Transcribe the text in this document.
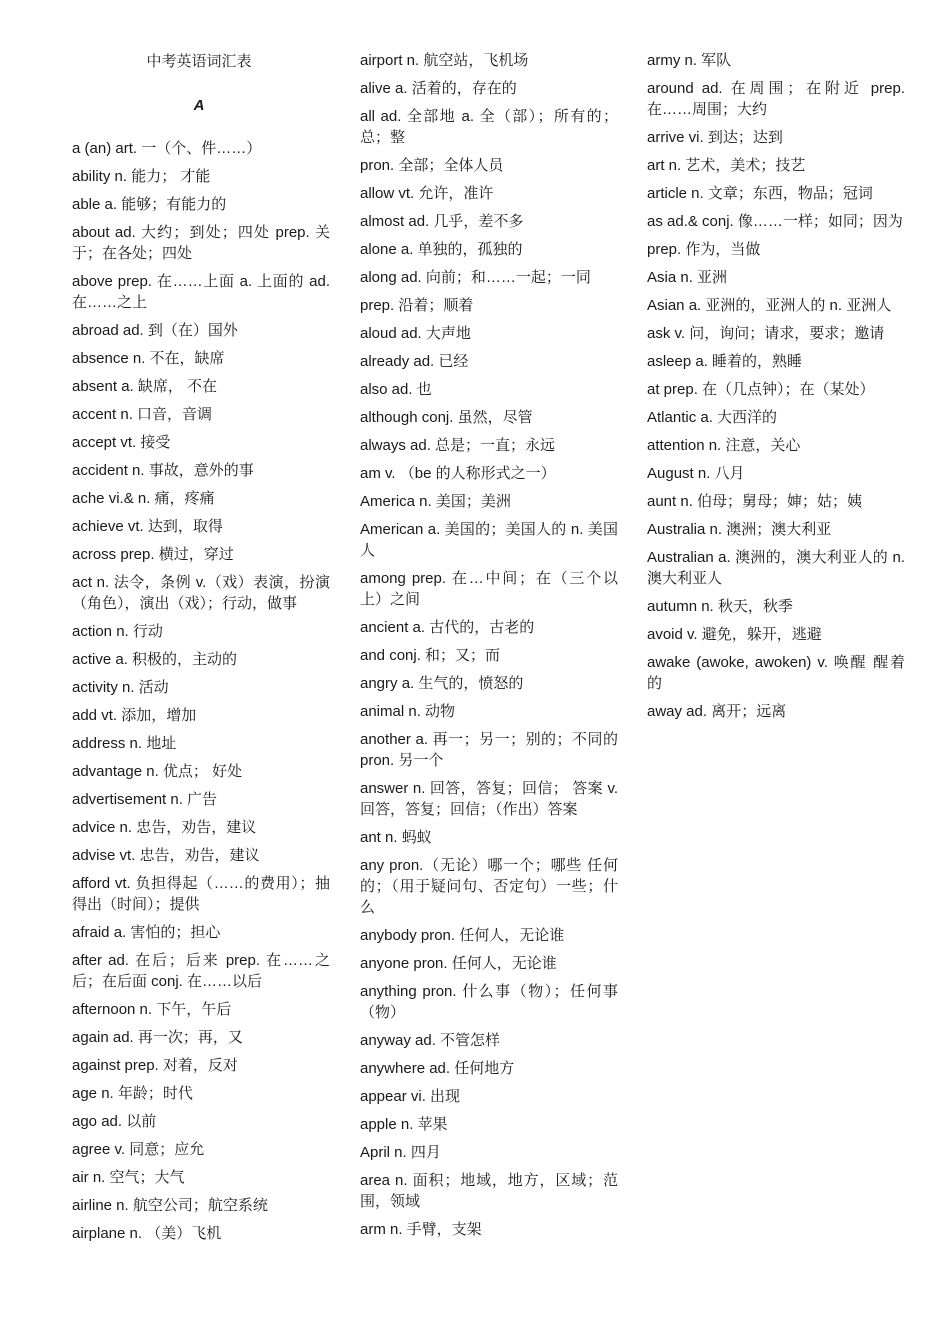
中考英语词汇表
A

a (an) art. 一（个、件……）

ability n. 能力； 才能

able a. 能够；有能力的

about ad. 大约；到处；四处 prep. 关于；在各处；四处

above prep. 在……上面 a. 上面的 ad. 在……之上

abroad ad. 到（在）国外

absence n. 不在，缺席

absent a. 缺席， 不在

accent n. 口音，音调

accept vt. 接受

accident n. 事故，意外的事

ache vi.& n. 痛，疼痛

achieve vt. 达到，取得

across prep. 横过，穿过

act n. 法令，条例 v.（戏）表演，扮演（角色），演出（戏）；行动，做事

action n. 行动

active a. 积极的，主动的

activity n. 活动

add vt. 添加，增加

address n. 地址

advantage n. 优点； 好处

advertisement n. 广告

advice n. 忠告，劝告，建议

advise vt. 忠告，劝告，建议

afford vt. 负担得起（……的费用）；抽得出（时间）；提供

afraid a. 害怕的；担心

after ad. 在后；后来 prep. 在……之后；在后面 conj. 在……以后

afternoon n. 下午，午后

again ad. 再一次；再，又

against prep. 对着，反对

age n. 年龄；时代

ago ad. 以前

agree v. 同意；应允

air n. 空气；大气

airline n. 航空公司；航空系统

airplane n. （美）飞机

airport n. 航空站，飞机场

alive a. 活着的，存在的

all ad. 全部地 a. 全（部）；所有的；总；整

pron. 全部；全体人员

allow vt. 允许，准许

almost ad. 几乎，差不多

alone a. 单独的，孤独的

along ad. 向前；和……一起；一同

prep. 沿着；顺着

aloud ad. 大声地

already ad. 已经

also ad. 也

although conj. 虽然，尽管

always ad. 总是；一直；永远

am v. （be 的人称形式之一）

America n. 美国；美洲

American a. 美国的；美国人的 n. 美国人

among prep. 在…中间；在（三个以上）之间

ancient a. 古代的，古老的

and conj. 和；又；而

angry a. 生气的，愤怒的

animal n. 动物

another a. 再一；另一；别的；不同的 pron. 另一个

answer n. 回答，答复；回信； 答案 v. 回答，答复；回信；（作出）答案

ant n. 蚂蚁

any pron.（无论）哪一个；哪些 任何的；（用于疑问句、否定句）一些；什么

anybody pron. 任何人，无论谁

anyone pron. 任何人，无论谁

anything pron. 什么事（物）；任何事（物）

anyway ad. 不管怎样

anywhere ad. 任何地方

appear vi. 出现

apple n. 苹果

April n. 四月

area n. 面积；地域，地方，区域；范围，领域

arm n. 手臂，支架

army n. 军队

around ad. 在周围；在附近 prep. 在……周围；大约

arrive vi. 到达；达到

art n. 艺术，美术；技艺

article n. 文章；东西，物品；冠词

as ad.& conj. 像……一样；如同；因为

prep. 作为，当做

Asia n. 亚洲

Asian a. 亚洲的，亚洲人的 n. 亚洲人

ask v. 问，询问；请求，要求；邀请

asleep a. 睡着的，熟睡

at prep. 在（几点钟）；在（某处）

Atlantic a. 大西洋的

attention n. 注意，关心

August n. 八月

aunt n. 伯母；舅母；婶；姑；姨

Australia n. 澳洲；澳大利亚

Australian a. 澳洲的，澳大利亚人的 n. 澳大利亚人

autumn n. 秋天，秋季

avoid v. 避免，躲开，逃避

awake (awoke, awoken) v. 唤醒 醒着的

away ad. 离开；远离
